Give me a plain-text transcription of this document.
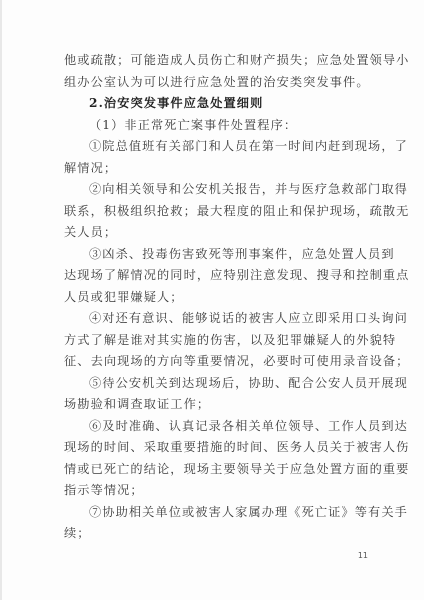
他或疏散；可能造成人员伤亡和财产损失；应急处置领导小
组办公室认为可以进行应急处置的治安类突发事件。
2.治安突发事件应急处置细则
（1）非正常死亡案事件处置程序：
①院总值班有关部门和人员在第一时间内赶到现场，了
解情况；
②向相关领导和公安机关报告，并与医疗急救部门取得
联系，积极组织抢救；最大程度的阻止和保护现场，疏散无
关人员；
③凶杀、投毒伤害致死等刑事案件，应急处置人员到
达现场了解情况的同时，应特别注意发现、搜寻和控制重点
人员或犯罪嫌疑人；
④对还有意识、能够说话的被害人应立即采用口头询问
方式了解是谁对其实施的伤害，以及犯罪嫌疑人的外貌特
征、去向现场的方向等重要情况，必要时可使用录音设备；
⑤待公安机关到达现场后，协助、配合公安人员开展现
场勘验和调查取证工作；
⑥及时准确、认真记录各相关单位领导、工作人员到达
现场的时间、采取重要措施的时间、医务人员关于被害人伤
情或已死亡的结论，现场主要领导关于应急处置方面的重要
指示等情况；
⑦协助相关单位或被害人家属办理《死亡证》等有关手
续；
11
